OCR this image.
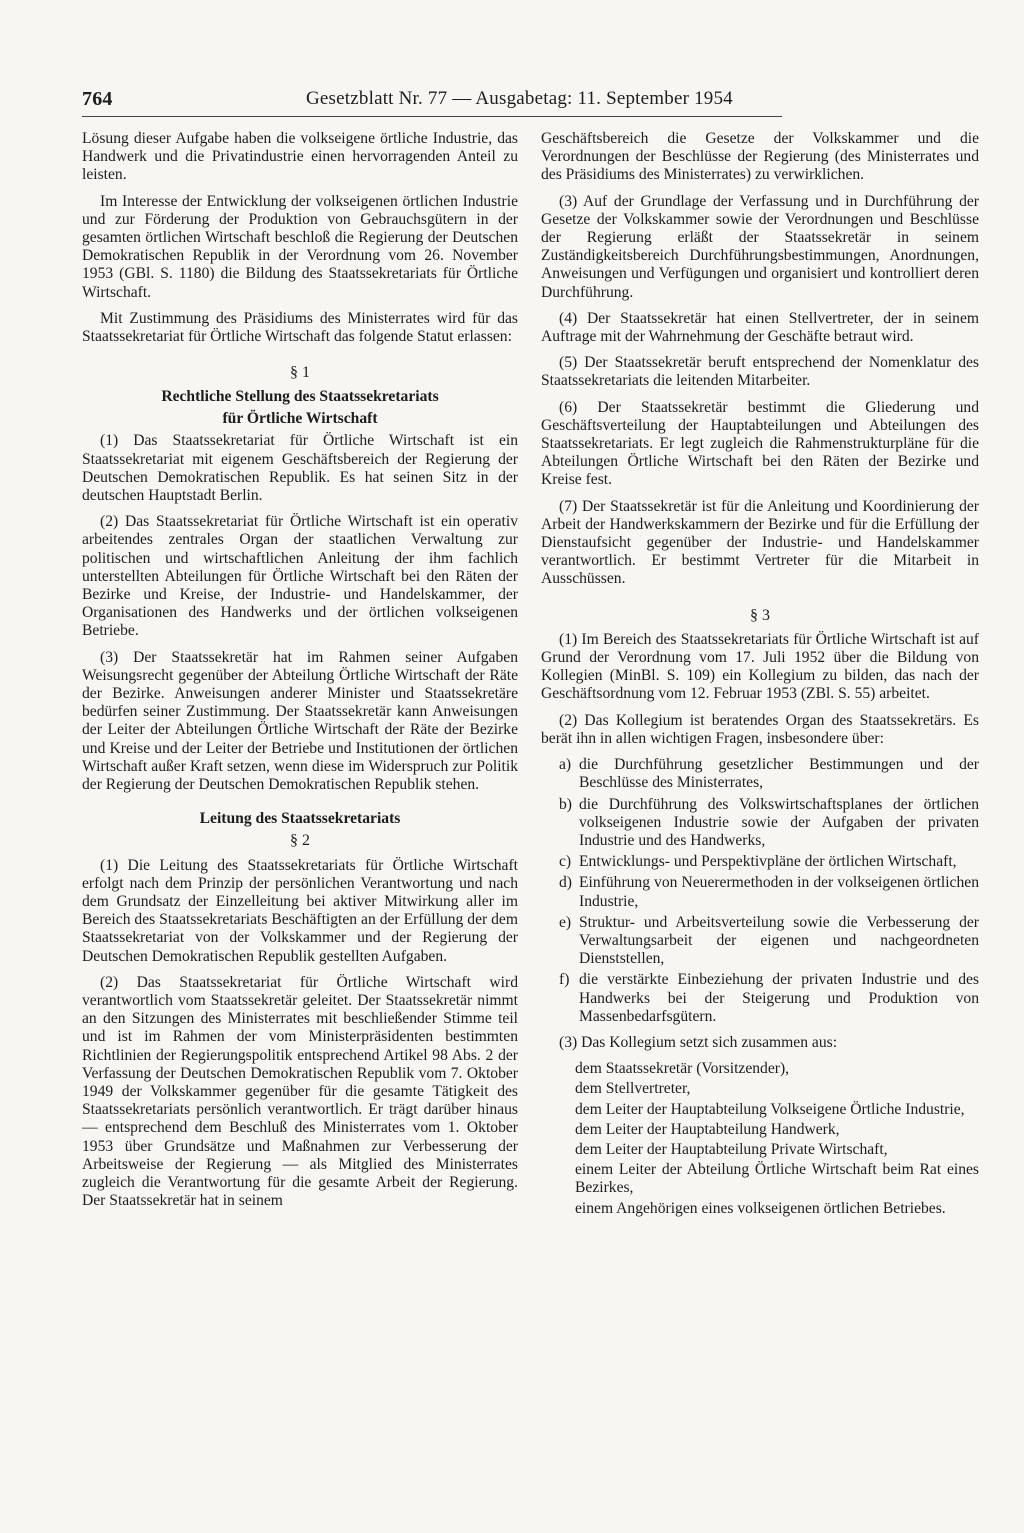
764	Gesetzblatt Nr. 77 — Ausgabetag: 11. September 1954

Lösung dieser Aufgabe haben die volkseigene örtliche Industrie, das Handwerk und die Privatindustrie einen hervorragenden Anteil zu leisten.

Im Interesse der Entwicklung der volkseigenen örtlichen Industrie und zur Förderung der Produktion von Gebrauchsgütern in der gesamten örtlichen Wirtschaft beschloß die Regierung der Deutschen Demokratischen Republik in der Verordnung vom 26. November 1953 (GBl. S. 1180) die Bildung des Staatssekretariats für Örtliche Wirtschaft.

Mit Zustimmung des Präsidiums des Ministerrates wird für das Staatssekretariat für Örtliche Wirtschaft das folgende Statut erlassen:

§ 1
Rechtliche Stellung des Staatssekretariats
für Örtliche Wirtschaft

(1) Das Staatssekretariat für Örtliche Wirtschaft ist ein Staatssekretariat mit eigenem Geschäftsbereich der Regierung der Deutschen Demokratischen Republik. Es hat seinen Sitz in der deutschen Hauptstadt Berlin.

(2) Das Staatssekretariat für Örtliche Wirtschaft ist ein operativ arbeitendes zentrales Organ der staatlichen Verwaltung zur politischen und wirtschaftlichen Anleitung der ihm fachlich unterstellten Abteilungen für Örtliche Wirtschaft bei den Räten der Bezirke und Kreise, der Industrie- und Handelskammer, der Organisationen des Handwerks und der örtlichen volkseigenen Betriebe.

(3) Der Staatssekretär hat im Rahmen seiner Aufgaben Weisungsrecht gegenüber der Abteilung Örtliche Wirtschaft der Räte der Bezirke. Anweisungen anderer Minister und Staatssekretäre bedürfen seiner Zustimmung. Der Staatssekretär kann Anweisungen der Leiter der Abteilungen Örtliche Wirtschaft der Räte der Bezirke und Kreise und der Leiter der Betriebe und Institutionen der örtlichen Wirtschaft außer Kraft setzen, wenn diese im Widerspruch zur Politik der Regierung der Deutschen Demokratischen Republik stehen.

Leitung des Staatssekretariats
§ 2

(1) Die Leitung des Staatssekretariats für Örtliche Wirtschaft erfolgt nach dem Prinzip der persönlichen Verantwortung und nach dem Grundsatz der Einzelleitung bei aktiver Mitwirkung aller im Bereich des Staatssekretariats Beschäftigten an der Erfüllung der dem Staatssekretariat von der Volkskammer und der Regierung der Deutschen Demokratischen Republik gestellten Aufgaben.

(2) Das Staatssekretariat für Örtliche Wirtschaft wird verantwortlich vom Staatssekretär geleitet. Der Staatssekretär nimmt an den Sitzungen des Ministerrates mit beschließender Stimme teil und ist im Rahmen der vom Ministerpräsidenten bestimmten Richtlinien der Regierungspolitik entsprechend Artikel 98 Abs. 2 der Verfassung der Deutschen Demokratischen Republik vom 7. Oktober 1949 der Volkskammer gegenüber für die gesamte Tätigkeit des Staatssekretariats persönlich verantwortlich. Er trägt darüber hinaus — entsprechend dem Beschluß des Ministerrates vom 1. Oktober 1953 über Grundsätze und Maßnahmen zur Verbesserung der Arbeitsweise der Regierung — als Mitglied des Ministerrates zugleich die Verantwortung für die gesamte Arbeit der Regierung. Der Staatssekretär hat in seinem

Geschäftsbereich die Gesetze der Volkskammer und die Verordnungen der Beschlüsse der Regierung (des Ministerrates und des Präsidiums des Ministerrates) zu verwirklichen.

(3) Auf der Grundlage der Verfassung und in Durchführung der Gesetze der Volkskammer sowie der Verordnungen und Beschlüsse der Regierung erläßt der Staatssekretär in seinem Zuständigkeitsbereich Durchführungsbestimmungen, Anordnungen, Anweisungen und Verfügungen und organisiert und kontrolliert deren Durchführung.

(4) Der Staatssekretär hat einen Stellvertreter, der in seinem Auftrage mit der Wahrnehmung der Geschäfte betraut wird.

(5) Der Staatssekretär beruft entsprechend der Nomenklatur des Staatssekretariats die leitenden Mitarbeiter.

(6) Der Staatssekretär bestimmt die Gliederung und Geschäftsverteilung der Hauptabteilungen und Abteilungen des Staatssekretariats. Er legt zugleich die Rahmenstrukturpläne für die Abteilungen Örtliche Wirtschaft bei den Räten der Bezirke und Kreise fest.

(7) Der Staatssekretär ist für die Anleitung und Koordinierung der Arbeit der Handwerkskammern der Bezirke und für die Erfüllung der Dienstaufsicht gegenüber der Industrie- und Handelskammer verantwortlich. Er bestimmt Vertreter für die Mitarbeit in Ausschüssen.

§ 3

(1) Im Bereich des Staatssekretariats für Örtliche Wirtschaft ist auf Grund der Verordnung vom 17. Juli 1952 über die Bildung von Kollegien (MinBl. S. 109) ein Kollegium zu bilden, das nach der Geschäftsordnung vom 12. Februar 1953 (ZBl. S. 55) arbeitet.

(2) Das Kollegium ist beratendes Organ des Staatssekretärs. Es berät ihn in allen wichtigen Fragen, insbesondere über:

a) die Durchführung gesetzlicher Bestimmungen und der Beschlüsse des Ministerrates,
b) die Durchführung des Volkswirtschaftsplanes der örtlichen volkseigenen Industrie sowie der Aufgaben der privaten Industrie und des Handwerks,
c) Entwicklungs- und Perspektivpläne der örtlichen Wirtschaft,
d) Einführung von Neuerermethoden in der volkseigenen örtlichen Industrie,
e) Struktur- und Arbeitsverteilung sowie die Verbesserung der Verwaltungsarbeit der eigenen und nachgeordneten Dienststellen,
f) die verstärkte Einbeziehung der privaten Industrie und des Handwerks bei der Steigerung und Produktion von Massenbedarfsgütern.

(3) Das Kollegium setzt sich zusammen aus:

dem Staatssekretär (Vorsitzender),
dem Stellvertreter,
dem Leiter der Hauptabteilung Volkseigene Örtliche Industrie,
dem Leiter der Hauptabteilung Handwerk,
dem Leiter der Hauptabteilung Private Wirtschaft,
einem Leiter der Abteilung Örtliche Wirtschaft beim Rat eines Bezirkes,
einem Angehörigen eines volkseigenen örtlichen Betriebes.
